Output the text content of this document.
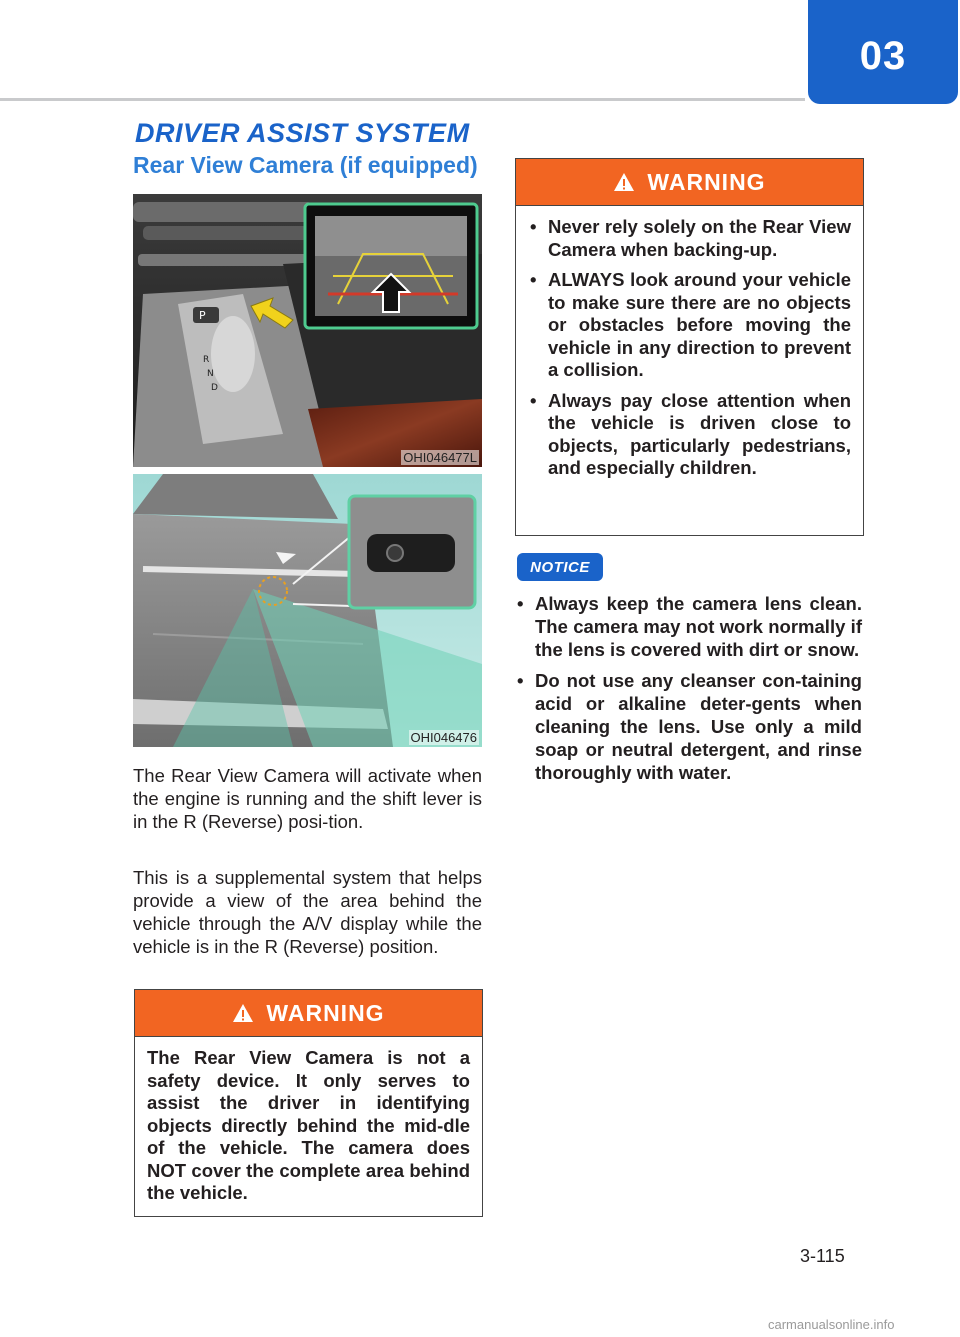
03
DRIVER ASSIST SYSTEM
Rear View Camera (if equipped)
P
R
N
D
OHI046477L
OHI046476

The Rear View Camera will activate when the engine is running and the shift lever is in the R (Reverse) posi-tion.

This is a supplemental system that helps provide a view of the area behind the vehicle through the A/V display while the vehicle is in the R (Reverse) position.

WARNING
The Rear View Camera is not a safety device. It only serves to assist the driver in identifying objects directly behind the mid-dle of the vehicle. The camera does NOT cover the complete area behind the vehicle.
WARNING
• Never rely solely on the Rear View Camera when backing-up.
• ALWAYS look around your vehicle to make sure there are no objects or obstacles before moving the vehicle in any direction to prevent a collision.
• Always pay close attention when the vehicle is driven close to objects, particularly pedestrians, and especially children.
NOTICE
• Always keep the camera lens clean. The camera may not work normally if the lens is covered with dirt or snow.
• Do not use any cleanser con-taining acid or alkaline deter-gents when cleaning the lens. Use only a mild soap or neutral detergent, and rinse thoroughly with water.
3-115
carmanualsonline.info
